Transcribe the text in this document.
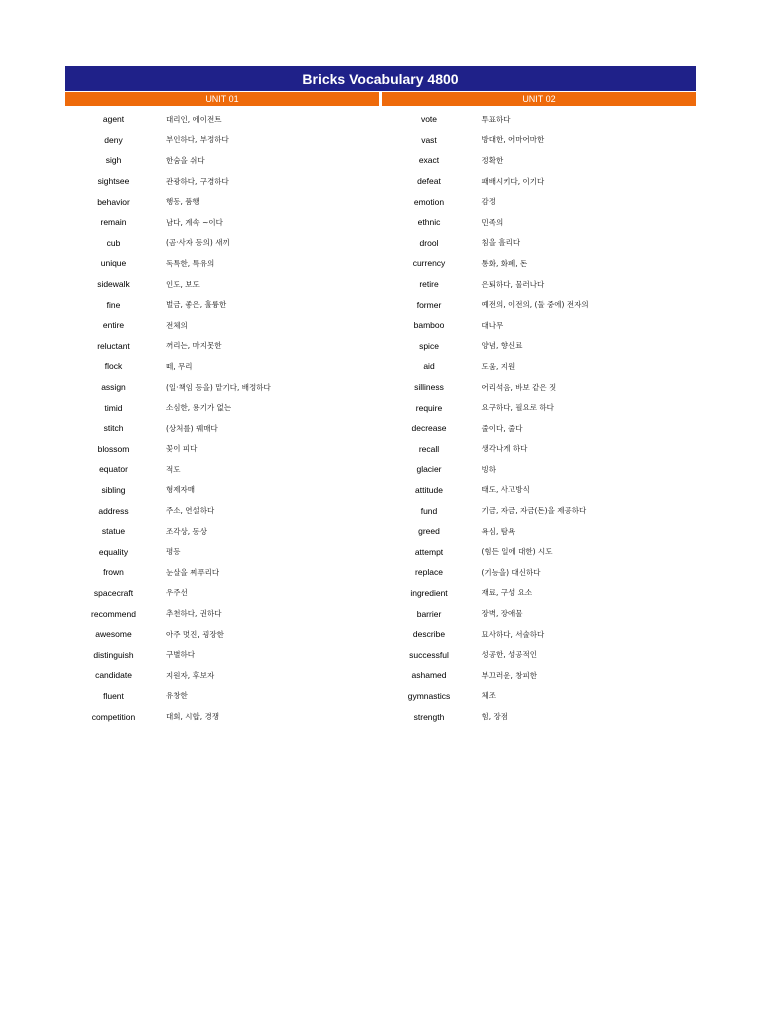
Bricks Vocabulary 4800
UNIT 01	UNIT 02
agent	대리인, 에이전트
deny	부인하다, 부정하다
sigh	한숨을 쉬다
sightsee	관광하다, 구경하다
behavior	행동, 품행
remain	남다, 계속 ~이다
cub	(곰·사자 등의) 새끼
unique	독특한, 특유의
sidewalk	인도, 보도
fine	벌금, 좋은, 훌륭한
entire	전체의
reluctant	꺼리는, 마지못한
flock	떼, 무리
assign	(일·책임 등을) 맡기다, 배정하다
timid	소심한, 용기가 없는
stitch	(상처를) 꿰매다
blossom	꽃이 피다
equator	적도
sibling	형제자매
address	주소, 연설하다
statue	조각상, 동상
equality	평등
frown	눈살을 찌푸리다
spacecraft	우주선
recommend	추천하다, 권하다
awesome	아주 멋진, 굉장한
distinguish	구별하다
candidate	지원자, 후보자
fluent	유창한
competition	대회, 시합, 경쟁
vote	투표하다
vast	방대한, 어마어마한
exact	정확한
defeat	패배시키다, 이기다
emotion	감정
ethnic	민족의
drool	침을 흘리다
currency	통화, 화폐, 돈
retire	은퇴하다, 물러나다
former	예전의, 이전의, (둘 중에) 전자의
bamboo	대나무
spice	양념, 향신료
aid	도움, 지원
silliness	어리석음, 바보 같은 짓
require	요구하다, 필요로 하다
decrease	줄이다, 줄다
recall	생각나게 하다
glacier	빙하
attitude	태도, 사고방식
fund	기금, 자금, 자금(돈)을 제공하다
greed	욕심, 탐욕
attempt	(힘든 일에 대한) 시도
replace	(기능을) 대신하다
ingredient	재료, 구성 요소
barrier	장벽, 장애물
describe	묘사하다, 서술하다
successful	성공한, 성공적인
ashamed	부끄러운, 창피한
gymnastics	체조
strength	힘, 장점
